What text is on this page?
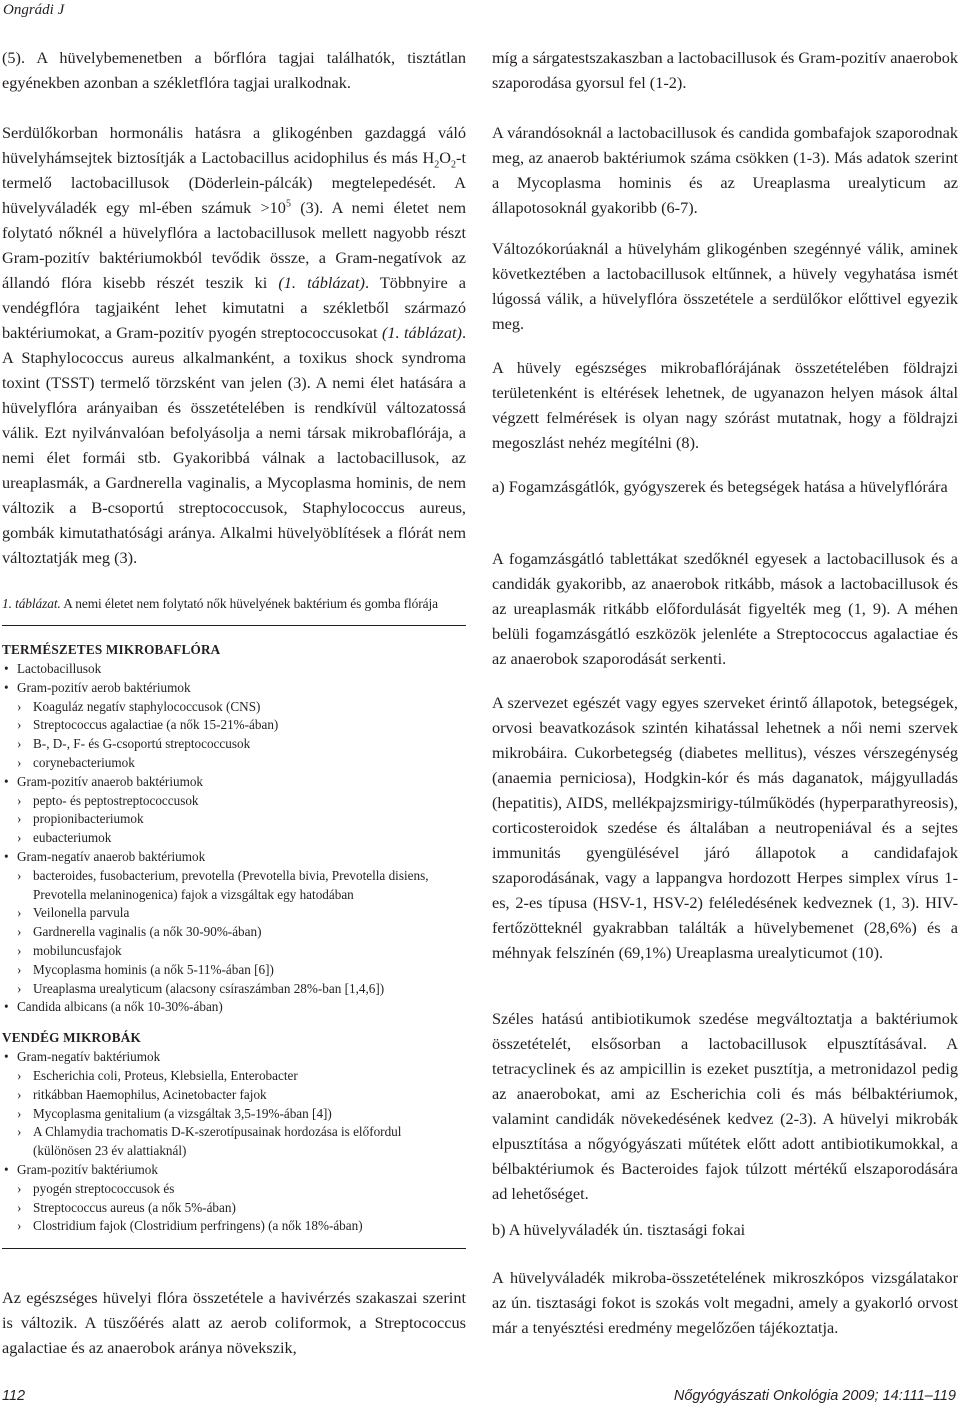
Ongrádi J

(5). A hüvelybemenetben a bőrflóra tagjai találhatók, tisztátlan egyénekben azonban a székletflóra tagjai uralkodnak.

Serdülőkorban hormonális hatásra a glikogénben gazdaggá váló hüvelyhámsejtek biztosítják a Lactobacillus acidophilus és más $H_2O_2-t$ termelő lactobacillusok (Döderlein-pálcák) megtelepedését. A hüvelyváladék egy ml-ében számuk $>10^5$ (3). A nemi életet nem folytató nőknél a hüvelyflóra a lactobacillusok mellett nagyobb részt Gram-pozitív baktériumokból tevődik össze, a Gram-negatívok az állandó flóra kisebb részét teszik ki (1. táblázat). Többnyire a vendégflóra tagjaiként lehet kimutatni a székletből származó baktériumokat, a Gram-pozitív pyogén streptococcusokat (1. táblázat). A Staphylococcus aureus alkalmanként, a toxikus shock syndroma toxint (TSST) termelő törzsként van jelen (3). A nemi élet hatására a hüvelyflóra arányaiban és összetételében is rendkívül változatossá válik. Ezt nyilvánvalóan befolyásolja a nemi társak mikrobaflórája, a nemi élet formái stb. Gyakoribbá válnak a lactobacillusok, az ureaplasmák, a Gardnerella vaginalis, a Mycoplasma hominis, de nem változik a B-csoportú streptococcusok, Staphylococcus aureus, gombák kimutathatósági aránya. Alkalmi hüvelyöblítések a flórát nem változtatják meg (3).

1. táblázat. A nemi életet nem folytató nők hüvelyének baktérium és gomba flórája

TERMÉSZETES MIKROBAFLÓRA

• Lactobacillusok
• Gram-pozitív aerob baktériumok
› Koaguláz negatív staphylococcusok (CNS)
› Streptococcus agalactiae (a nők 15-21%-ában)
› B-, D-, F- és G-csoportú streptococcusok
› corynebacteriumok
• Gram-pozitív anaerob baktériumok
› pepto- és peptostreptococcusok
› propionibacteriumok
› eubacteriumok
• Gram-negatív anaerob baktériumok
› bacteroides, fusobacterium, prevotella (Prevotella bivia, Prevotella disiens,
Prevotella melaninogenica) fajok a vizsgáltak egy hatodában
› Veilonella parvula
› Gardnerella vaginalis (a nők 30-90%-ában)
› mobiluncusfajok
› Mycoplasma hominis (a nők 5-11%-ában [6])
› Ureaplasma urealyticum (alacsony csíraszámban 28%-ban [1,4,6])
• Candida albicans (a nők 10-30%-ában)

VENDÉG MIKROBÁK

• Gram-negatív baktériumok
› Escherichia coli, Proteus, Klebsiella, Enterobacter
› ritkábban Haemophilus, Acinetobacter fajok
› Mycoplasma genitalium (a vizsgáltak 3,5-19%-ában [4])
› A Chlamydia trachomatis D-K-szerotípusainak hordozása is előfordul
(különösen 23 év alattiaknál)
• Gram-pozitív baktériumok
› pyogén streptococcusok és
› Streptococcus aureus (a nők 5%-ában)
› Clostridium fajok (Clostridium perfringens) (a nők 18%-ában)

Az egészséges hüvelyi flóra összetétele a havivérzés szakaszai szerint is változik. A tüszőérés alatt az aerob coliformok, a Streptococcus agalactiae és az anaerobok aránya növekszik,

míg a sárgatestszakaszban a lactobacillusok és Gram-pozitív anaerobok szaporodása gyorsul fel (1-2).

A várandósoknál a lactobacillusok és candida gombafajok szaporodnak meg, az anaerob baktériumok száma csökken (1-3). Más adatok szerint a Mycoplasma hominis és az Ureaplasma urealyticum az állapotosoknál gyakoribb (6-7).

Változókorúaknál a hüvelyhám glikogénben szegénnyé válik, aminek következtében a lactobacillusok eltűnnek, a hüvely vegyhatása ismét lúgossá válik, a hüvelyflóra összetétele a serdülőkor előttivel egyezik meg.

A hüvely egészséges mikrobaflórájának összetételében földrajzi területenként is eltérések lehetnek, de ugyanazon helyen mások által végzett felmérések is olyan nagy szórást mutatnak, hogy a földrajzi megoszlást nehéz megítélni (8).

a) Fogamzásgátlók, gyógyszerek és betegségek hatása a hüvelyflórára

A fogamzásgátló tablettákat szedőknél egyesek a lactobacillusok és a candidák gyakoribb, az anaerobok ritkább, mások a lactobacillusok és az ureaplasmák ritkább előfordulását figyelték meg (1, 9). A méhen belüli fogamzásgátló eszközök jelenléte a Streptococcus agalactiae és az anaerobok szaporodását serkenti.

A szervezet egészét vagy egyes szerveket érintő állapotok, betegségek, orvosi beavatkozások szintén kihatással lehetnek a női nemi szervek mikrobáira. Cukorbetegség (diabetes mellitus), vészes vérszegénység (anaemia perniciosa), Hodgkin-kór és más daganatok, májgyulladás (hepatitis), AIDS, mellékpajzsmirigy-túlműködés (hyperparathyreosis), corticosteroidok szedése és általában a neutropeniával és a sejtes immunitás gyengülésével járó állapotok a candidafajok szaporodásának, vagy a lappangva hordozott Herpes simplex vírus 1-es, 2-es típusa (HSV-1, HSV-2) feléledésének kedveznek (1, 3). HIV-fertőzötteknél gyakrabban találták a hüvelybemenet (28,6%) és a méhnyak felszínén (69,1%) Ureaplasma urealyticumot (10).

Széles hatású antibiotikumok szedése megváltoztatja a baktériumok összetételét, elsősorban a lactobacillusok elpusztításával. A tetracyclinek és az ampicillin is ezeket pusztítja, a metronidazol pedig az anaerobokat, ami az Escherichia coli és más bélbaktériumok, valamint candidák növekedésének kedvez (2-3). A hüvelyi mikrobák elpusztítása a nőgyógyászati műtétek előtt adott antibiotikumokkal, a bélbaktériumok és Bacteroides fajok túlzott mértékű elszaporodására ad lehetőséget.

b) A hüvelyváladék ún. tisztasági fokai

A hüvelyváladék mikroba-összetételének mikroszkópos vizsgálatakor az ún. tisztasági fokot is szokás volt megadni, amely a gyakorló orvost már a tenyésztési eredmény megelőzően tájékoztatja.

112	Nőgyógyászati Onkológia 2009; 14:111–119
